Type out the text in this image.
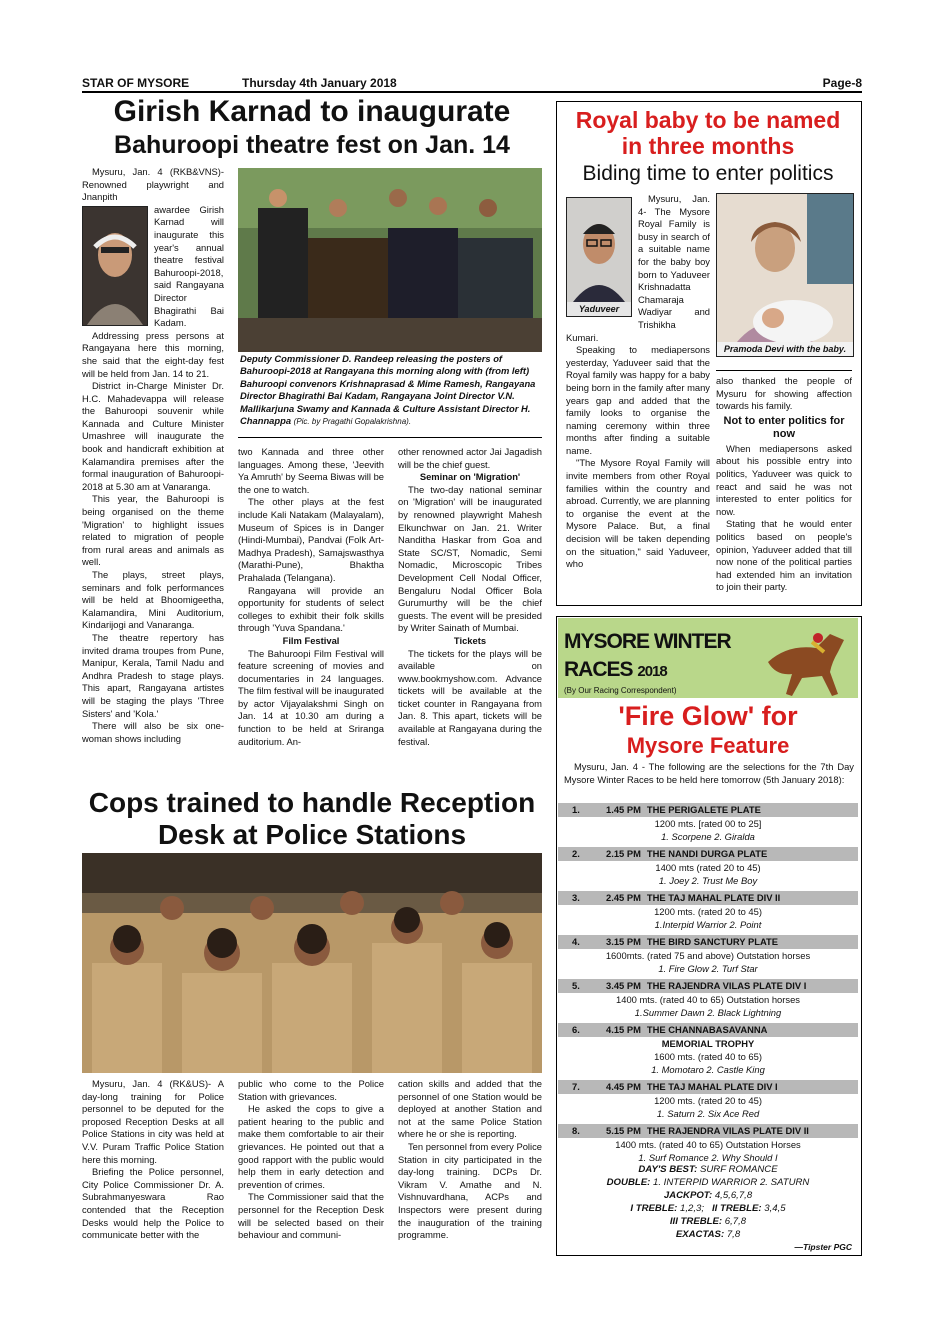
STAR OF MYSORE	Thursday 4th January 2018	Page-8
Girish Karnad to inaugurate
Bahuroopi theatre fest on Jan. 14

Mysuru, Jan. 4 (RKB&VNS)- Renowned playwright and Jnanpith

awardee Girish Karnad will inaugurate this year's annual theatre festival Bahuroopi-2018, said Rangayana Director Bhagirathi Bai Kadam.

Addressing press persons at Rangayana here this morning, she said that the eight-day fest will be held from Jan. 14 to 21.

District in-Charge Minister Dr. H.C. Mahadevappa will release the Bahuroopi souvenir while Kannada and Culture Minister Umashree will inaugurate the book and handicraft exhibition at Kalamandira premises after the formal inauguration of Bahuroopi-2018 at 5.30 am at Vanaranga.

This year, the Bahuroopi is being organised on the theme 'Migration' to highlight issues related to migration of people from rural areas and animals as well.

The plays, street plays, seminars and folk performances will be held at Bhoomigeetha, Kalamandira, Mini Auditorium, Kindarijogi and Vanaranga.

The theatre repertory has invited drama troupes from Pune, Manipur, Kerala, Tamil Nadu and Andhra Pradesh to stage plays. This apart, Rangayana artistes will be staging the plays 'Three Sisters' and 'Kola.'

There will also be six one-woman shows including

Deputy Commissioner D. Randeep releasing the posters of Bahuroopi-2018 at Rangayana this morning along with (from left) Bahuroopi convenors Krishnaprasad & Mime Ramesh, Rangayana Director Bhagirathi Bai Kadam, Rangayana Joint Director V.N. Mallikarjuna Swamy and Kannada & Culture Assistant Director H. Channappa (Pic. by Pragathi Gopalakrishna).

two Kannada and three other languages. Among these, 'Jeevith Ya Amruth' by Seema Biwas will be the one to watch.

The other plays at the fest include Kali Natakam (Malayalam), Museum of Spices is in Danger (Hindi-Mumbai), Pandvai (Folk Art-Madhya Pradesh), Samajswasthya (Marathi-Pune), Bhaktha Prahalada (Telangana).

Rangayana will provide an opportunity for students of select colleges to exhibit their folk skills through 'Yuva Spandana.'

Film Festival

The Bahuroopi Film Festival will feature screening of movies and documentaries in 24 languages. The film festival will be inaugurated by actor Vijayalakshmi Singh on Jan. 14 at 10.30 am during a function to be held at Sriranga auditorium. An-

other renowned actor Jai Jagadish will be the chief guest.

Seminar on 'Migration'

The two-day national seminar on 'Migration' will be inaugurated by renowned playwright Mahesh Elkunchwar on Jan. 21. Writer Nanditha Haskar from Goa and State SC/ST, Nomadic, Semi Nomadic, Microscopic Tribes Development Cell Nodal Officer, Bengaluru Nodal Officer Bola Gurumurthy will be the chief guests. The event will be presided by Writer Sainath of Mumbai.

Tickets

The tickets for the plays will be available on www.bookmyshow.com. Advance tickets will be available at the ticket counter in Rangayana from Jan. 8. This apart, tickets will be available at Rangayana during the festival.

Cops trained to handle Reception
Desk at Police Stations

Mysuru, Jan. 4 (RK&US)- A day-long training for Police personnel to be deputed for the proposed Reception Desks at all Police Stations in city was held at V.V. Puram Traffic Police Station here this morning.

Briefing the Police personnel, City Police Commissioner Dr. A. Subrahmanyeswara Rao contended that the Reception Desks would help the Police to communicate better with the

public who come to the Police Station with grievances.

He asked the cops to give a patient hearing to the public and make them comfortable to air their grievances. He pointed out that a good rapport with the public would help them in early detection and prevention of crimes.

The Commissioner said that the personnel for the Reception Desk will be selected based on their behaviour and communi-

cation skills and added that the personnel of one Station would be deployed at another Station and not at the same Police Station where he or she is reporting.

Ten personnel from every Police Station in city participated in the day-long training. DCPs Dr. Vikram V. Amathe and N. Vishnuvardhana, ACPs and Inspectors were present during the inauguration of the training programme.

Royal baby to be named
in three months
Biding time to enter politics
Yaduveer

Mysuru, Jan. 4- The Mysore Royal Family is busy in search of a suitable name for the baby boy born to Yaduveer Krishnadatta Chamaraja Wadiyar and Trishikha Kumari.

Speaking to mediapersons yesterday, Yaduveer said that the Royal family was happy for a baby being born in the family after many years gap and added that the family looks to organise the naming ceremony within three months after finding a suitable name.

"The Mysore Royal Family will invite members from other Royal families within the country and abroad. Currently, we are planning to organise the event at the Mysore Palace. But, a final decision will be taken depending on the situation," said Yaduveer, who

Pramoda Devi with the baby.

also thanked the people of Mysuru for showing affection towards his family.

Not to enter politics for now

When mediapersons asked about his possible entry into politics, Yaduveer was quick to react and said he was not interested to enter politics for now.

Stating that he would enter politics based on people's opinion, Yaduveer added that till now none of the political parties had extended him an invitation to join their party.

MYSORE WINTER
RACES 2018
(By Our Racing Correspondent)
'Fire Glow' for
Mysore Feature

Mysuru, Jan. 4 - The following are the selections for the 7th Day Mysore Winter Races to be held here tomorrow (5th January 2018):

1.	1.45 PM THE PERIGALETE PLATE
1200 mts. [rated 00 to 25]
1. Scorpene 2. Giralda
2.	2.15 PM THE NANDI DURGA PLATE
1400 mts (rated 20 to 45)
1. Joey 2. Trust Me Boy
3.	2.45 PM THE TAJ MAHAL PLATE DIV II
1200 mts. (rated 20 to 45)
1.Interpid Warrior 2. Point
4.	3.15 PM THE BIRD SANCTURY PLATE
1600mts. (rated 75 and above) Outstation horses
1. Fire Glow 2. Turf Star
5.	3.45 PM THE RAJENDRA VILAS PLATE DIV I
1400 mts. (rated 40 to 65) Outstation horses
1.Summer Dawn 2. Black Lightning
6.	4.15 PM THE CHANNABASAVANNA
MEMORIAL TROPHY
1600 mts. (rated 40 to 65)
1. Momotaro 2. Castle King
7.	4.45 PM THE TAJ MAHAL PLATE DIV I
1200 mts. (rated 20 to 45)
1. Saturn 2. Six Ace Red
8.	5.15 PM THE RAJENDRA VILAS PLATE DIV II
1400 mts. (rated 40 to 65) Outstation Horses
1. Surf Romance 2. Why Should I
DAY'S BEST: SURF ROMANCE
DOUBLE: 1. INTERPID WARRIOR 2. SATURN
JACKPOT: 4,5,6,7,8
I TREBLE: 1,2,3; II TREBLE: 3,4,5
III TREBLE: 6,7,8
EXACTAS: 7,8
—Tipster PGC
